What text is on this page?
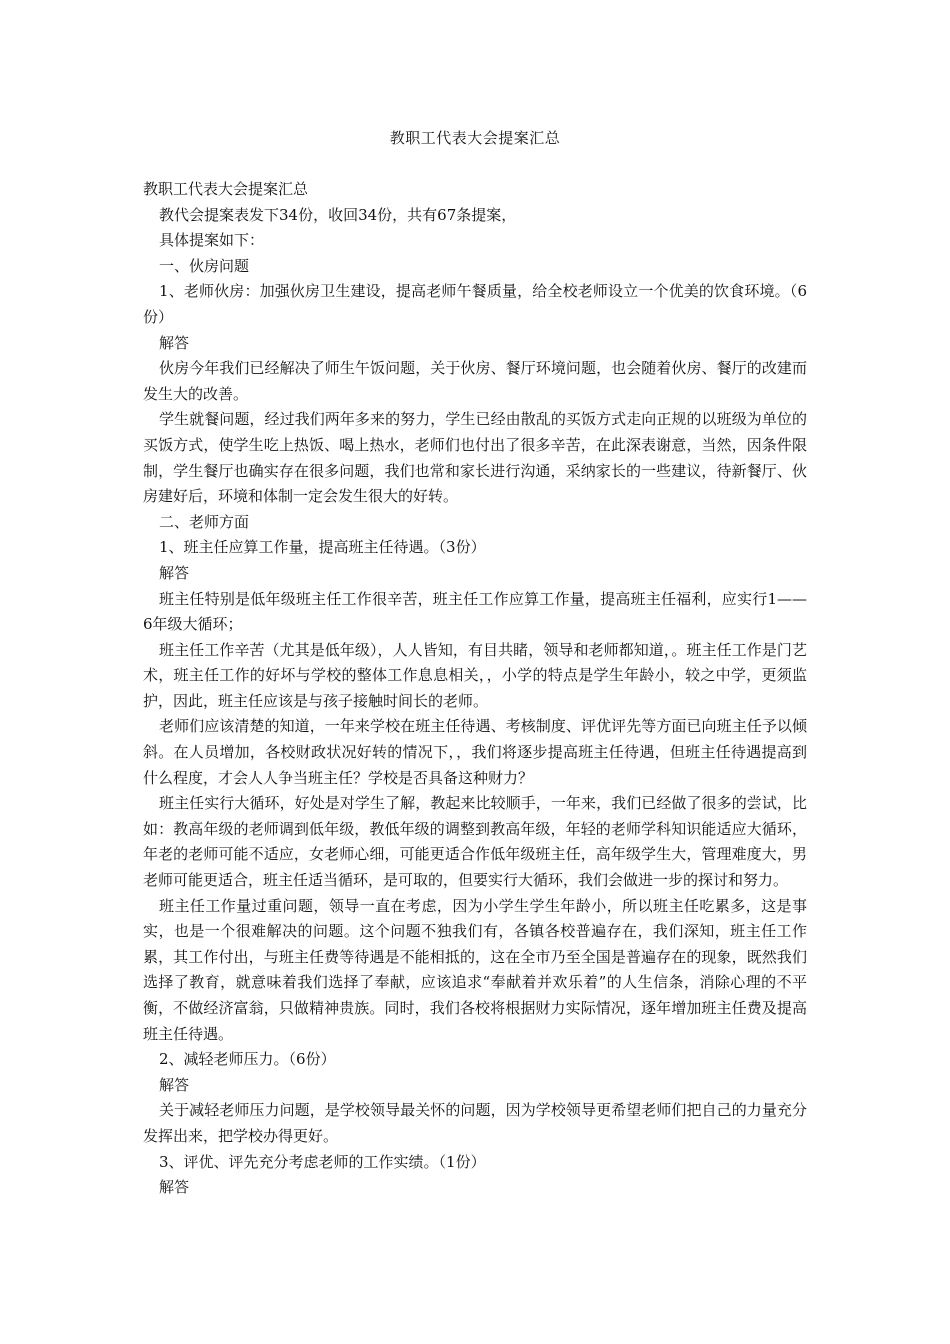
教职工代表大会提案汇总

教职工代表大会提案汇总

教代会提案表发下34份，收回34份，共有67条提案，

具体提案如下：

一、伙房问题

1、老师伙房：加强伙房卫生建设，提高老师午餐质量，给全校老师设立一个优美的饮食环境。（6份）

解答

伙房今年我们已经解决了师生午饭问题，关于伙房、餐厅环境问题，也会随着伙房、餐厅的改建而发生大的改善。

学生就餐问题，经过我们两年多来的努力，学生已经由散乱的买饭方式走向正规的以班级为单位的买饭方式，使学生吃上热饭、喝上热水，老师们也付出了很多辛苦，在此深表谢意，当然，因条件限制，学生餐厅也确实存在很多问题，我们也常和家长进行沟通，采纳家长的一些建议，待新餐厅、伙房建好后，环境和体制一定会发生很大的好转。

二、老师方面

1、班主任应算工作量，提高班主任待遇。（3份）

解答

班主任特别是低年级班主任工作很辛苦，班主任工作应算工作量，提高班主任福利，应实行1——6年级大循环；

班主任工作辛苦（尤其是低年级），人人皆知，有目共睹，领导和老师都知道，。班主任工作是门艺术，班主任工作的好坏与学校的整体工作息息相关，，小学的特点是学生年龄小，较之中学，更须监护，因此，班主任应该是与孩子接触时间长的老师。

老师们应该清楚的知道，一年来学校在班主任待遇、考核制度、评优评先等方面已向班主任予以倾斜。在人员增加，各校财政状况好转的情况下，，我们将逐步提高班主任待遇，但班主任待遇提高到什么程度，才会人人争当班主任？学校是否具备这种财力？

班主任实行大循环，好处是对学生了解，教起来比较顺手，一年来，我们已经做了很多的尝试，比如：教高年级的老师调到低年级，教低年级的调整到教高年级，年轻的老师学科知识能适应大循环，年老的老师可能不适应，女老师心细，可能更适合作低年级班主任，高年级学生大，管理难度大，男老师可能更适合，班主任适当循环，是可取的，但要实行大循环，我们会做进一步的探讨和努力。

班主任工作量过重问题，领导一直在考虑，因为小学生学生年龄小，所以班主任吃累多，这是事实，也是一个很难解决的问题。这个问题不独我们有，各镇各校普遍存在，我们深知，班主任工作累，其工作付出，与班主任费等待遇是不能相抵的，这在全市乃至全国是普遍存在的现象，既然我们选择了教育，就意味着我们选择了奉献，应该追求“奉献着并欢乐着”的人生信条，消除心理的不平衡，不做经济富翁，只做精神贵族。同时，我们各校将根据财力实际情况，逐年增加班主任费及提高班主任待遇。

2、减轻老师压力。（6份）

解答

关于减轻老师压力问题，是学校领导最关怀的问题，因为学校领导更希望老师们把自己的力量充分发挥出来，把学校办得更好。

3、评优、评先充分考虑老师的工作实绩。（1份）

解答
